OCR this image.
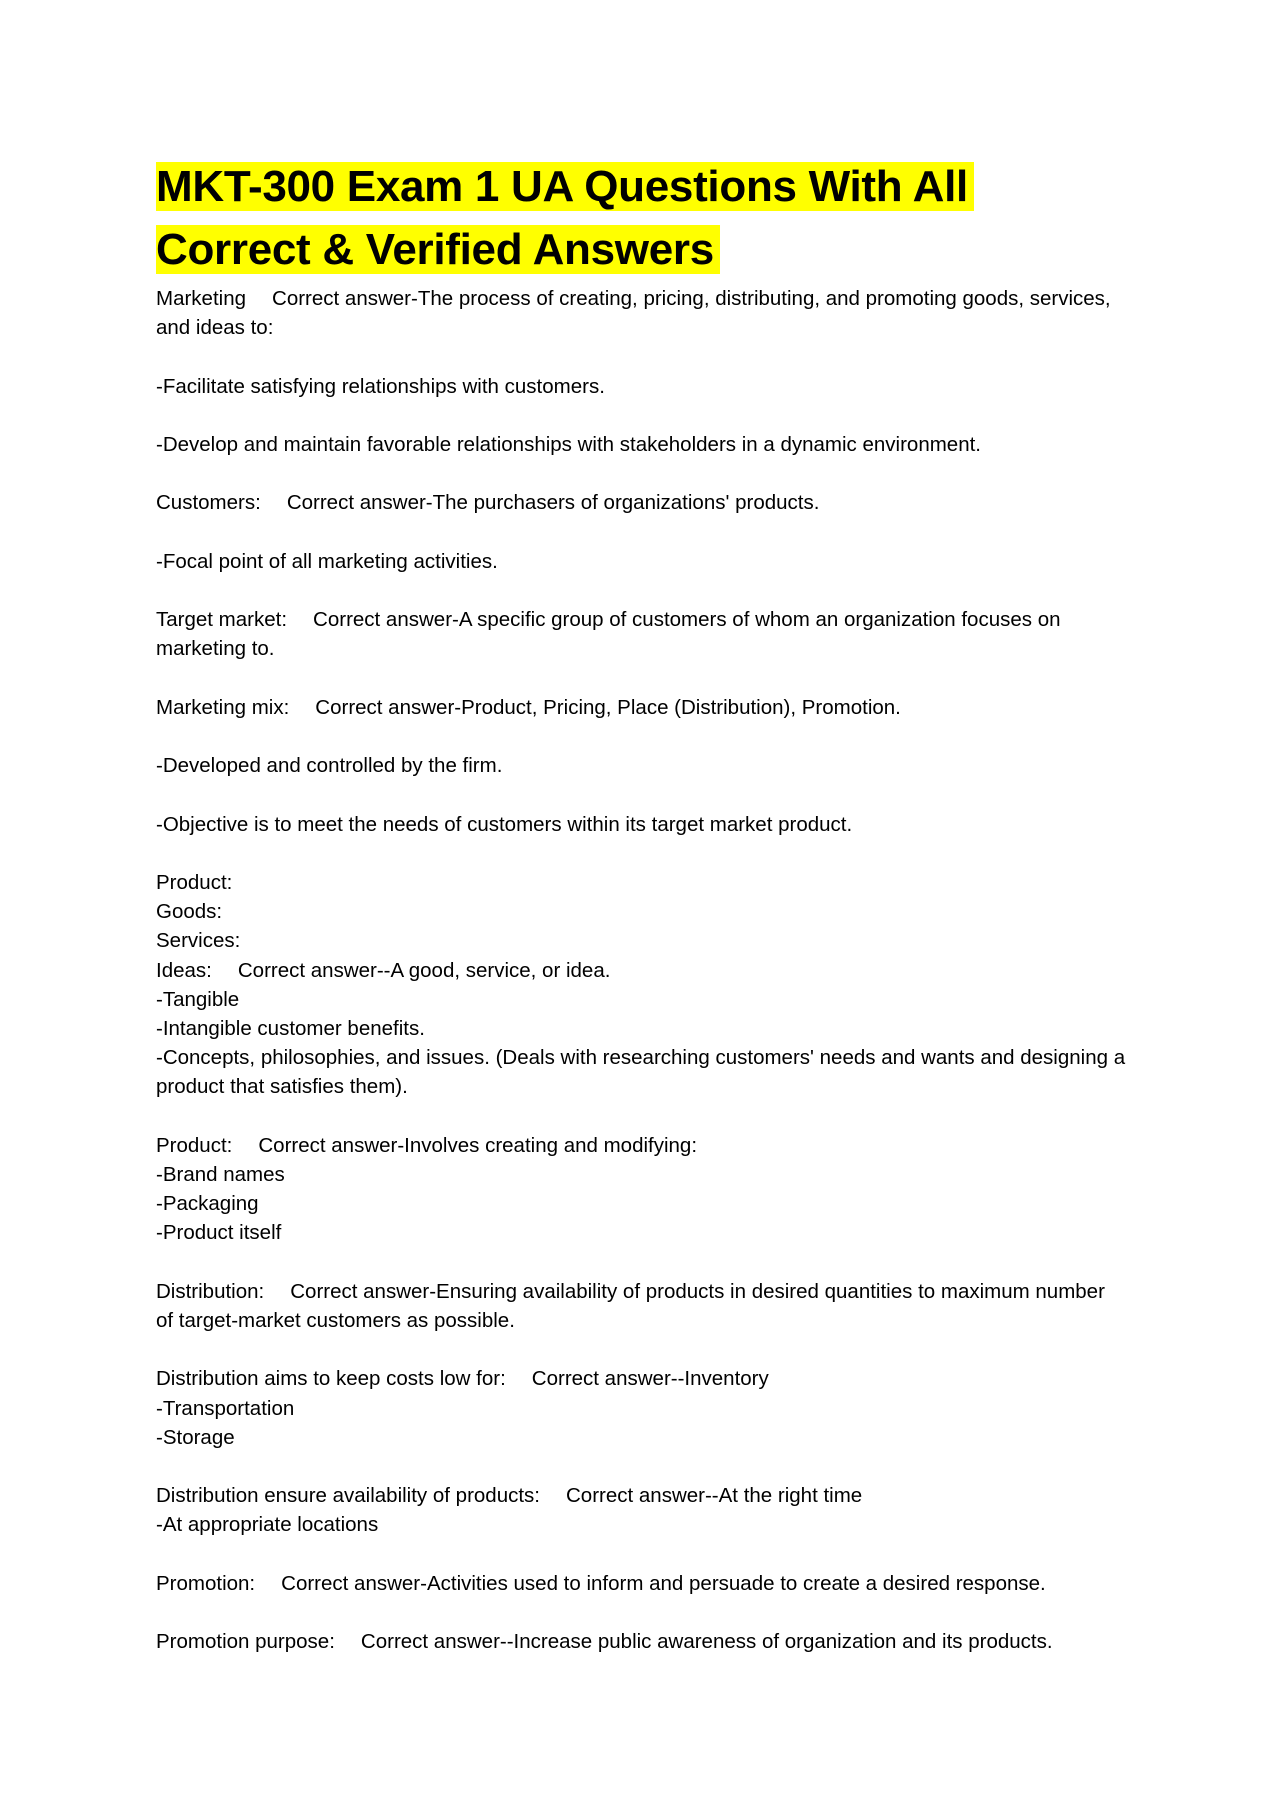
MKT-300 Exam 1 UA Questions With All Correct & Verified Answers

Marketing Correct answer-The process of creating, pricing, distributing, and promoting goods, services, and ideas to:

-Facilitate satisfying relationships with customers.

-Develop and maintain favorable relationships with stakeholders in a dynamic environment.

Customers: Correct answer-The purchasers of organizations' products.

-Focal point of all marketing activities.

Target market: Correct answer-A specific group of customers of whom an organization focuses on marketing to.

Marketing mix: Correct answer-Product, Pricing, Place (Distribution), Promotion.

-Developed and controlled by the firm.

-Objective is to meet the needs of customers within its target market product.

Product:

Goods:

Services:

Ideas: Correct answer--A good, service, or idea.

-Tangible

-Intangible customer benefits.

-Concepts, philosophies, and issues. (Deals with researching customers' needs and wants and designing a product that satisfies them).

Product: Correct answer-Involves creating and modifying:

-Brand names

-Packaging

-Product itself

Distribution: Correct answer-Ensuring availability of products in desired quantities to maximum number of target-market customers as possible.

Distribution aims to keep costs low for: Correct answer--Inventory

-Transportation

-Storage

Distribution ensure availability of products: Correct answer--At the right time

-At appropriate locations

Promotion: Correct answer-Activities used to inform and persuade to create a desired response.

Promotion purpose: Correct answer--Increase public awareness of organization and its products.
